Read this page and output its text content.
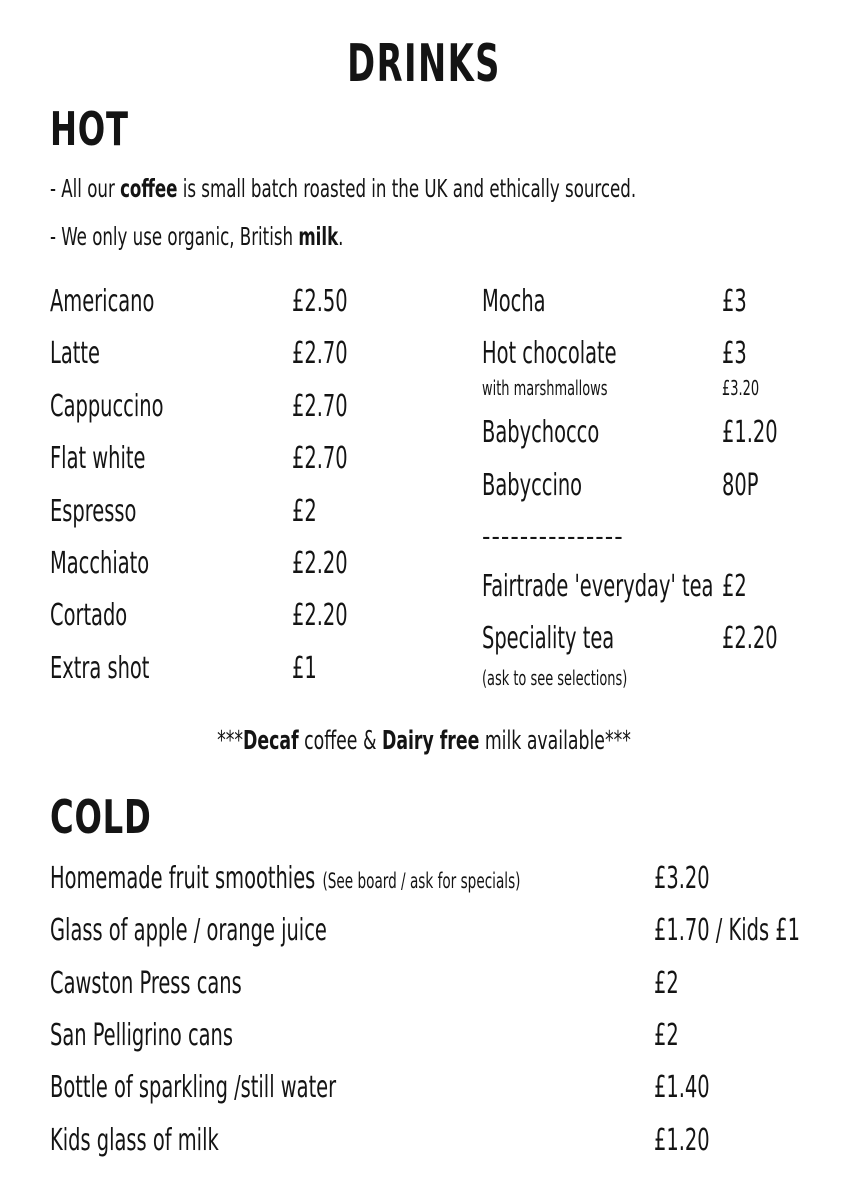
DRINKS
HOT
- All our coffee is small batch roasted in the UK and ethically sourced.
- We only use organic, British milk.
Americano	£2.50
Latte	£2.70
Cappuccino	£2.70
Flat white	£2.70
Espresso	£2
Macchiato	£2.20
Cortado	£2.20
Extra shot	£1
Mocha	£3
Hot chocolate	£3
with marshmallows	£3.20
Babychocco	£1.20
Babyccino	80P
---------------
Fairtrade 'everyday' tea £2
Speciality tea	£2.20
(ask to see selections)
***Decaf coffee & Dairy free milk available***
COLD
Homemade fruit smoothies (See board / ask for specials)	£3.20
Glass of apple / orange juice	£1.70 / Kids £1
Cawston Press cans	£2
San Pelligrino cans	£2
Bottle of sparkling /still water	£1.40
Kids glass of milk	£1.20
